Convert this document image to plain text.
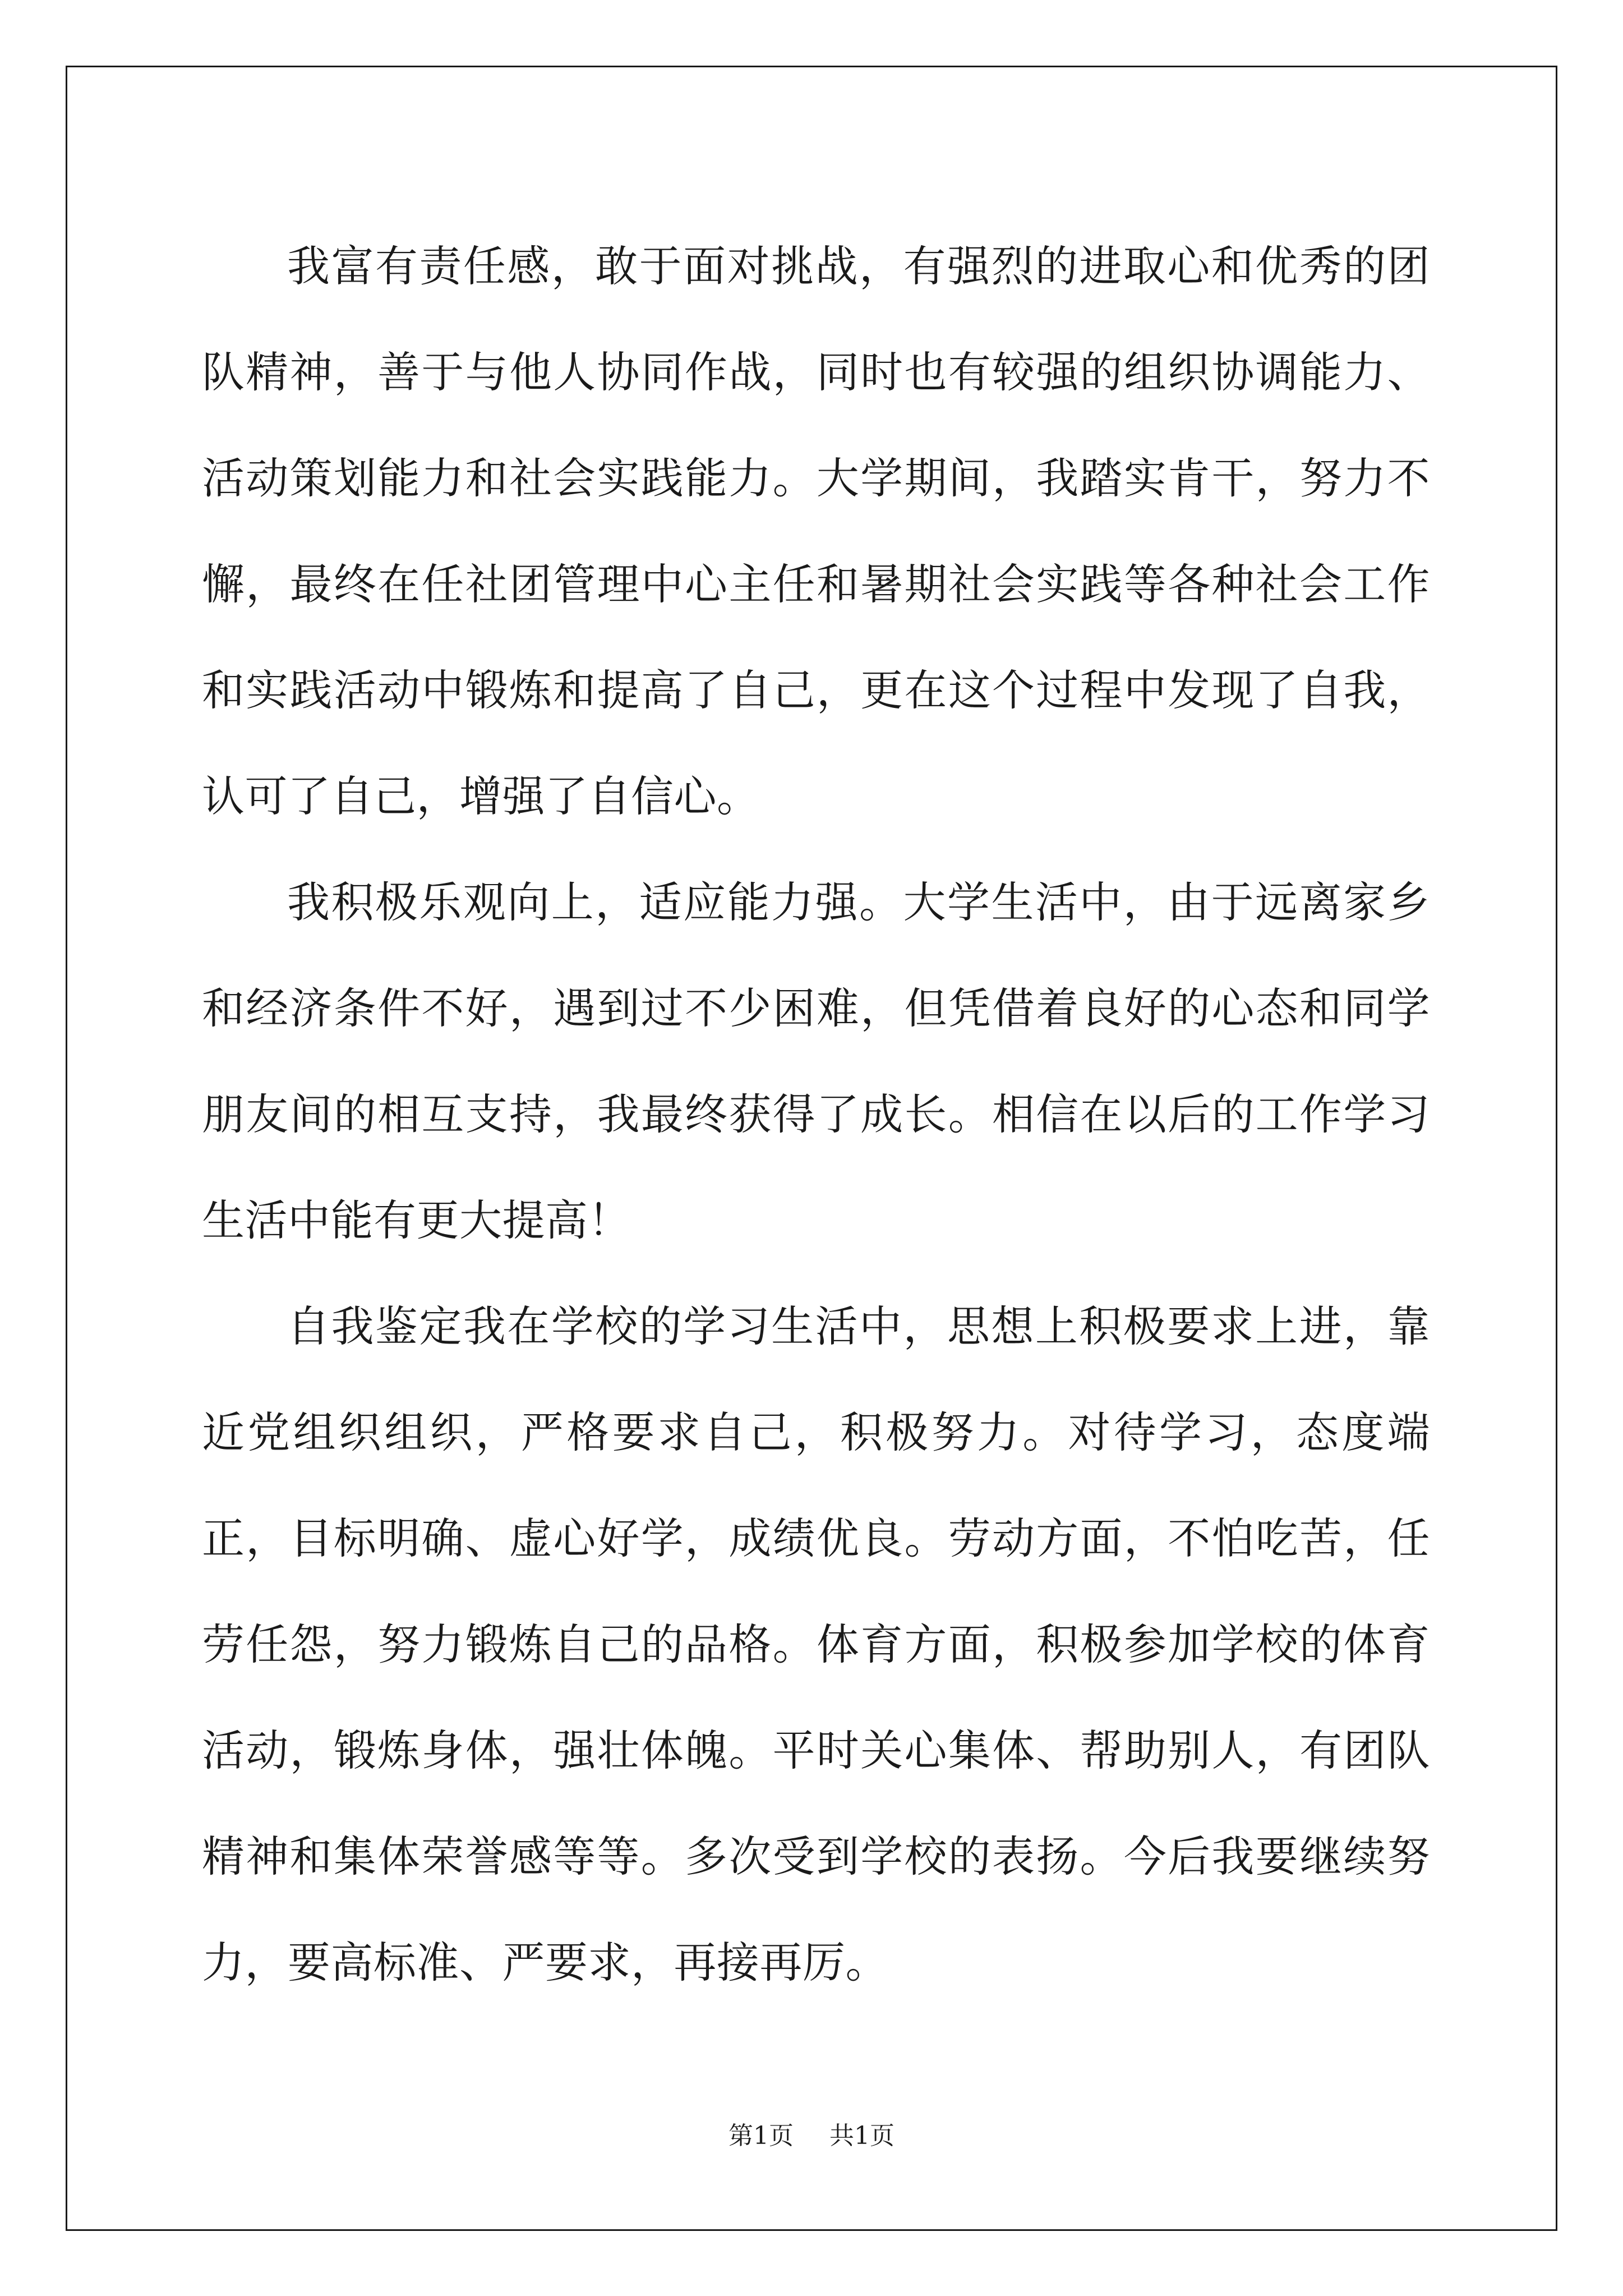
我富有责任感，敢于面对挑战，有强烈的进取心和优秀的团队精神，善于与他人协同作战，同时也有较强的组织协调能力、活动策划能力和社会实践能力。大学期间，我踏实肯干，努力不懈，最终在任社团管理中心主任和暑期社会实践等各种社会工作和实践活动中锻炼和提高了自己，更在这个过程中发现了自我，认可了自己，增强了自信心。

我积极乐观向上，适应能力强。大学生活中，由于远离家乡和经济条件不好，遇到过不少困难，但凭借着良好的心态和同学朋友间的相互支持，我最终获得了成长。相信在以后的工作学习生活中能有更大提高！

自我鉴定我在学校的学习生活中，思想上积极要求上进，靠近党组织组织，严格要求自己，积极努力。对待学习，态度端正，目标明确、虚心好学，成绩优良。劳动方面，不怕吃苦，任劳任怨，努力锻炼自己的品格。体育方面，积极参加学校的体育活动，锻炼身体，强壮体魄。平时关心集体、帮助别人，有团队精神和集体荣誉感等等。多次受到学校的表扬。今后我要继续努力，要高标准、严要求，再接再厉。

第1页 共1页
